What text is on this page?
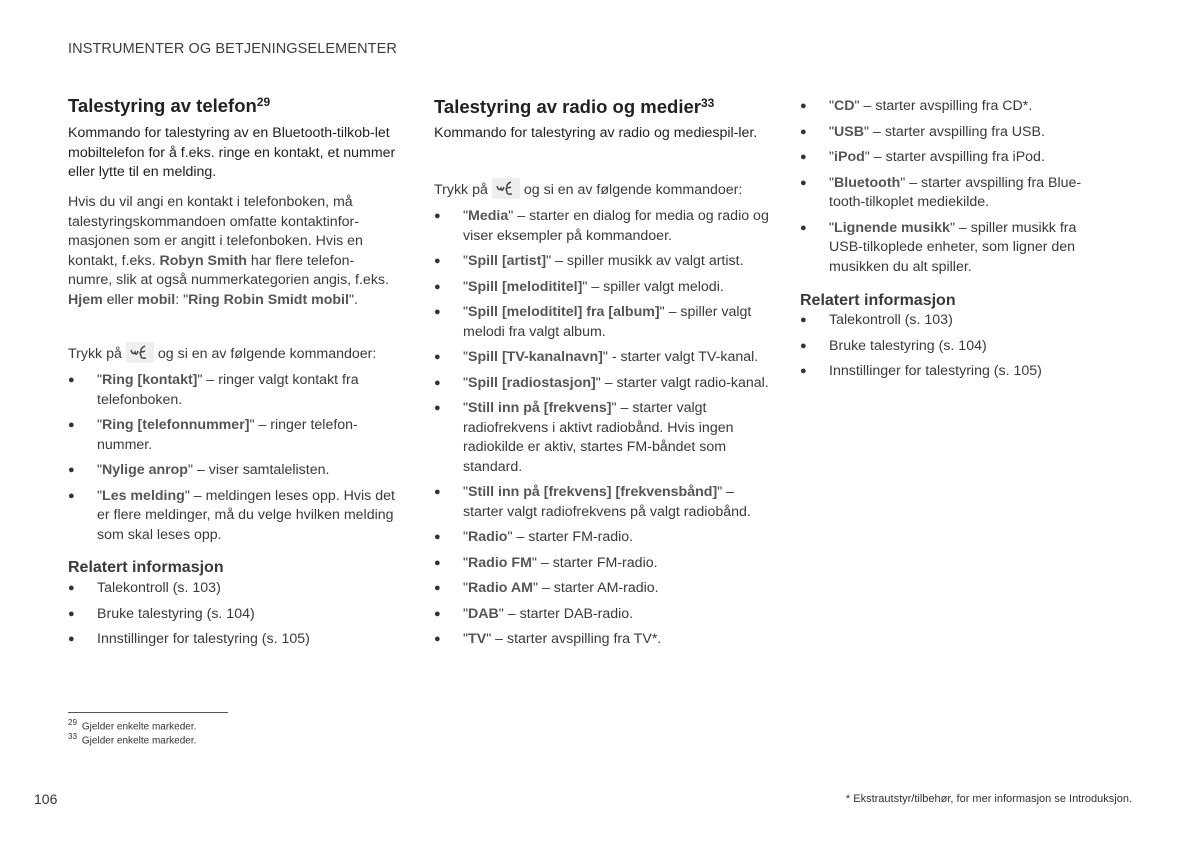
INSTRUMENTER OG BETJENINGSELEMENTER
Talestyring av telefon$^{29}$

Kommando for talestyring av en Bluetooth-tilkob-let mobiltelefon for å f.eks. ringe en kontakt, et nummer eller lytte til en melding.

Hvis du vil angi en kontakt i telefonboken, må talestyringskommandoen omfatte kontaktinfor-masjonen som er angitt i telefonboken. Hvis en kontakt, f.eks. Robyn Smith har flere telefon-numre, slik at også nummerkategorien angis, f.eks. Hjem eller mobil: "Ring Robin Smidt mobil".

Trykk på	og si en av følgende kommandoer:

● "Ring [kontakt]" – ringer valgt kontakt fra telefonboken.
● "Ring [telefonnummer]" – ringer telefon-nummer.
● "Nylige anrop" – viser samtalelisten.
● "Les melding" – meldingen leses opp. Hvis det er flere meldinger, må du velge hvilken melding som skal leses opp.
Relatert informasjon
● Talekontroll (s. 103)
● Bruke talestyring (s. 104)
● Innstillinger for talestyring (s. 105)
Talestyring av radio og medier$^{33}$

Kommando for talestyring av radio og mediespil-ler.

Trykk på	og si en av følgende kommandoer:

● "Media" – starter en dialog for media og radio og viser eksempler på kommandoer.
● "Spill [artist]" – spiller musikk av valgt artist.
● "Spill [melodititel]" – spiller valgt melodi.
● "Spill [melodititel] fra [album]" – spiller valgt melodi fra valgt album.
● "Spill [TV-kanalnavn]" - starter valgt TV-kanal.
● "Spill [radiostasjon]" – starter valgt radio-kanal.
● "Still inn på [frekvens]" – starter valgt radiofrekvens i aktivt radiobånd. Hvis ingen radiokilde er aktiv, startes FM-båndet som standard.
● "Still inn på [frekvens] [frekvensbånd]" – starter valgt radiofrekvens på valgt radiobånd.
● "Radio" – starter FM-radio.
● "Radio FM" – starter FM-radio.
● "Radio AM" – starter AM-radio.
● "DAB" – starter DAB-radio.
● "TV" – starter avspilling fra TV*.
● "CD" – starter avspilling fra CD*.
● "USB" – starter avspilling fra USB.
● "iPod" – starter avspilling fra iPod.
● "Bluetooth" – starter avspilling fra Blue-tooth-tilkoplet mediekilde.
● "Lignende musikk" – spiller musikk fra USB-tilkoplede enheter, som ligner den musikken du alt spiller.
Relatert informasjon
● Talekontroll (s. 103)
● Bruke talestyring (s. 104)
● Innstillinger for talestyring (s. 105)
$^{29}$ Gjelder enkelte markeder.
$^{33}$ Gjelder enkelte markeder.
106	* Ekstrautstyr/tilbehør, for mer informasjon se Introduksjon.
